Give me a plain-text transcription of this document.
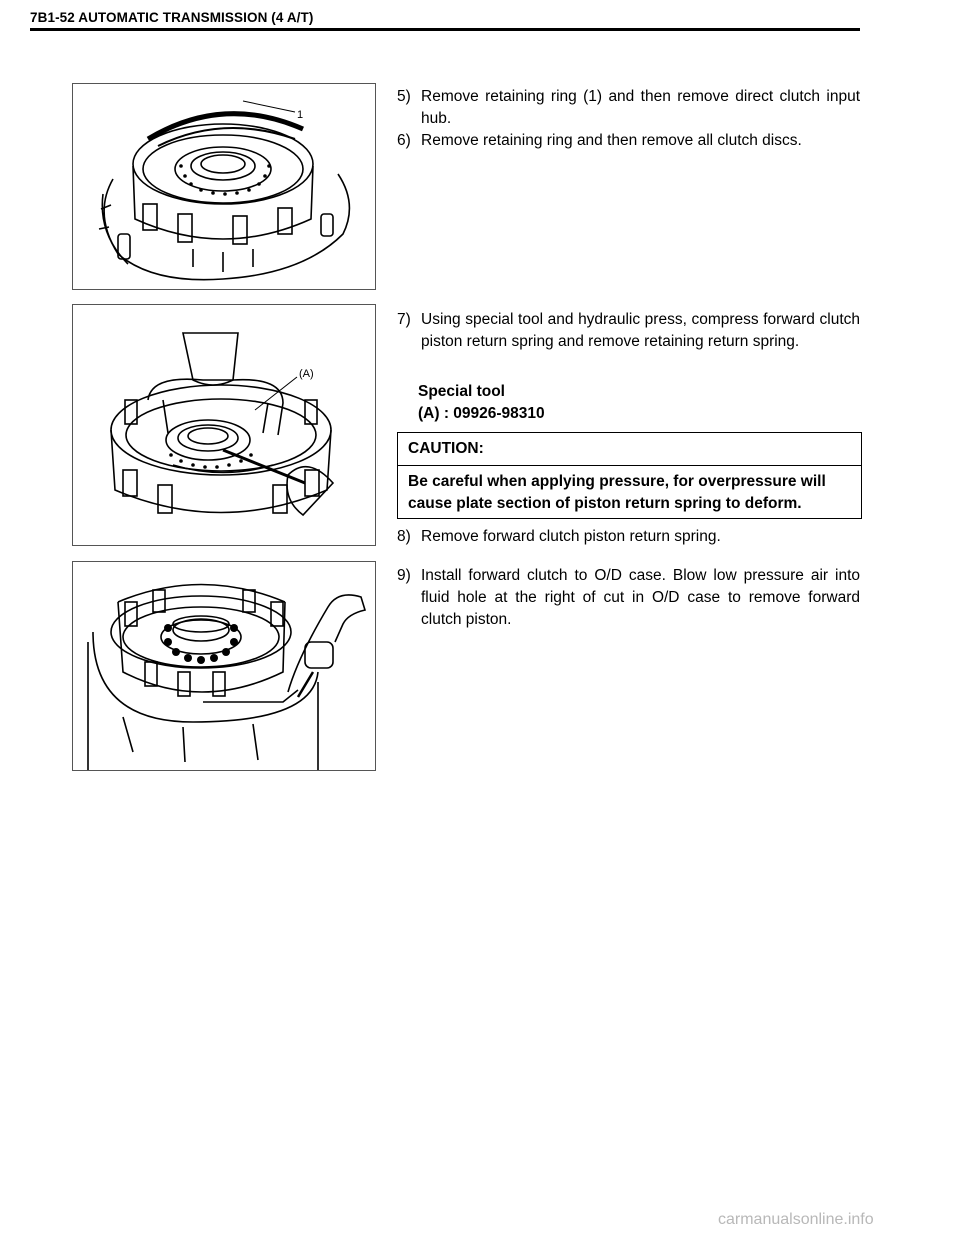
7B1-52 AUTOMATIC TRANSMISSION (4 A/T)
1
(A)
5) Remove retaining ring (1) and then remove direct clutch input hub.
6) Remove retaining ring and then remove all clutch discs.
7) Using special tool and hydraulic press, compress forward clutch piston return spring and remove retaining return spring.
Special tool
(A) : 09926-98310
CAUTION:
Be careful when applying pressure, for overpressure will cause plate section of piston return spring to deform.
8) Remove forward clutch piston return spring.
9) Install forward clutch to O/D case. Blow low pressure air into fluid hole at the right of cut in O/D case to remove forward clutch piston.
carmanualsonline.info
